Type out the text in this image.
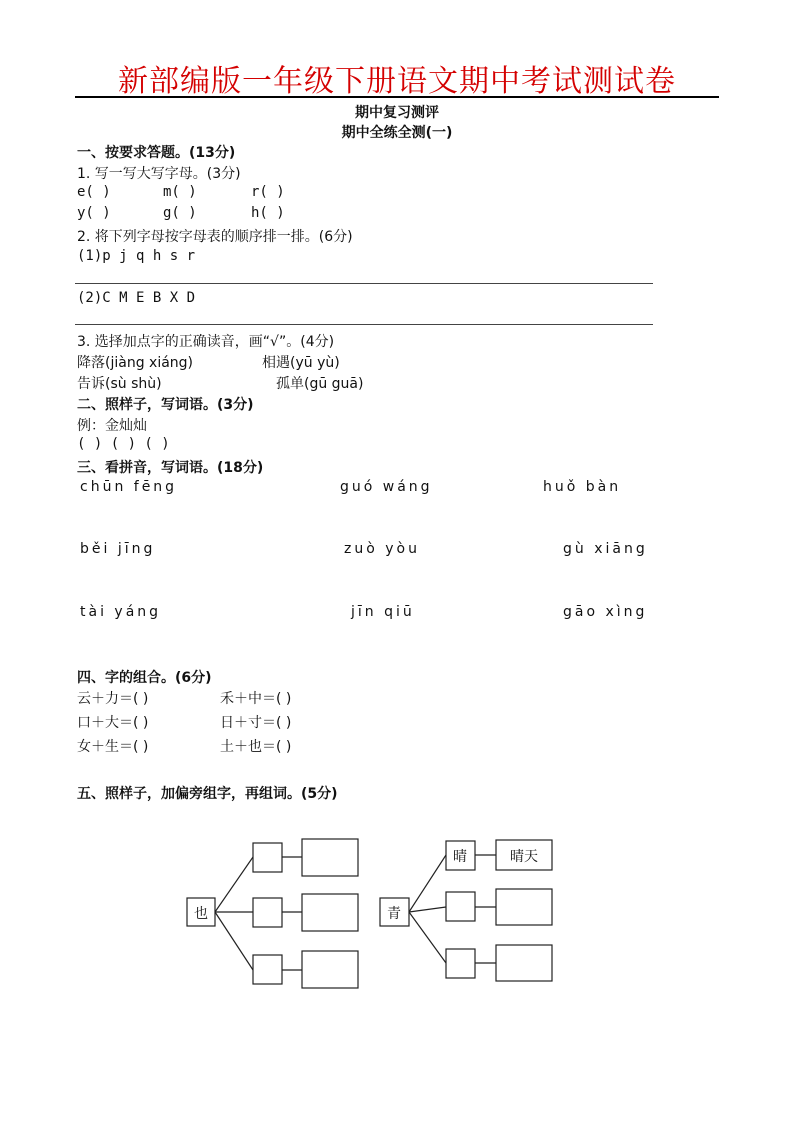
新部编版一年级下册语文期中考试测试卷
期中复习测评
期中全练全测(一)
一、按要求答题。(13分)
1. 写一写大写字母。(3分)
e( )	m( )	r( )
y( )	g( )	h( )
2. 将下列字母按字母表的顺序排一排。(6分)
(1)p j q h s r
(2)C M E B X D
3. 选择加点字的正确读音，画“√”。(4分)
降落(jiàng xiáng)	相遇(yū yù)
告诉(sù shù)	孤单(gū guā)
二、照样子，写词语。(3分)
例：金灿灿
( ) ( ) ( )
三、看拼音，写词语。(18分)
chūn fēng	guó wáng	huǒ bàn
běi jīng	zuò yòu	gù xiāng
tài yáng	jīn qiū	gāo xìng
四、字的组合。(6分)
云＋力＝( )	禾＋中＝( )
口＋大＝( )	日＋寸＝( )
女＋生＝( )	土＋也＝( )
五、照样子，加偏旁组字，再组词。(5分)
也	青
晴	晴天
